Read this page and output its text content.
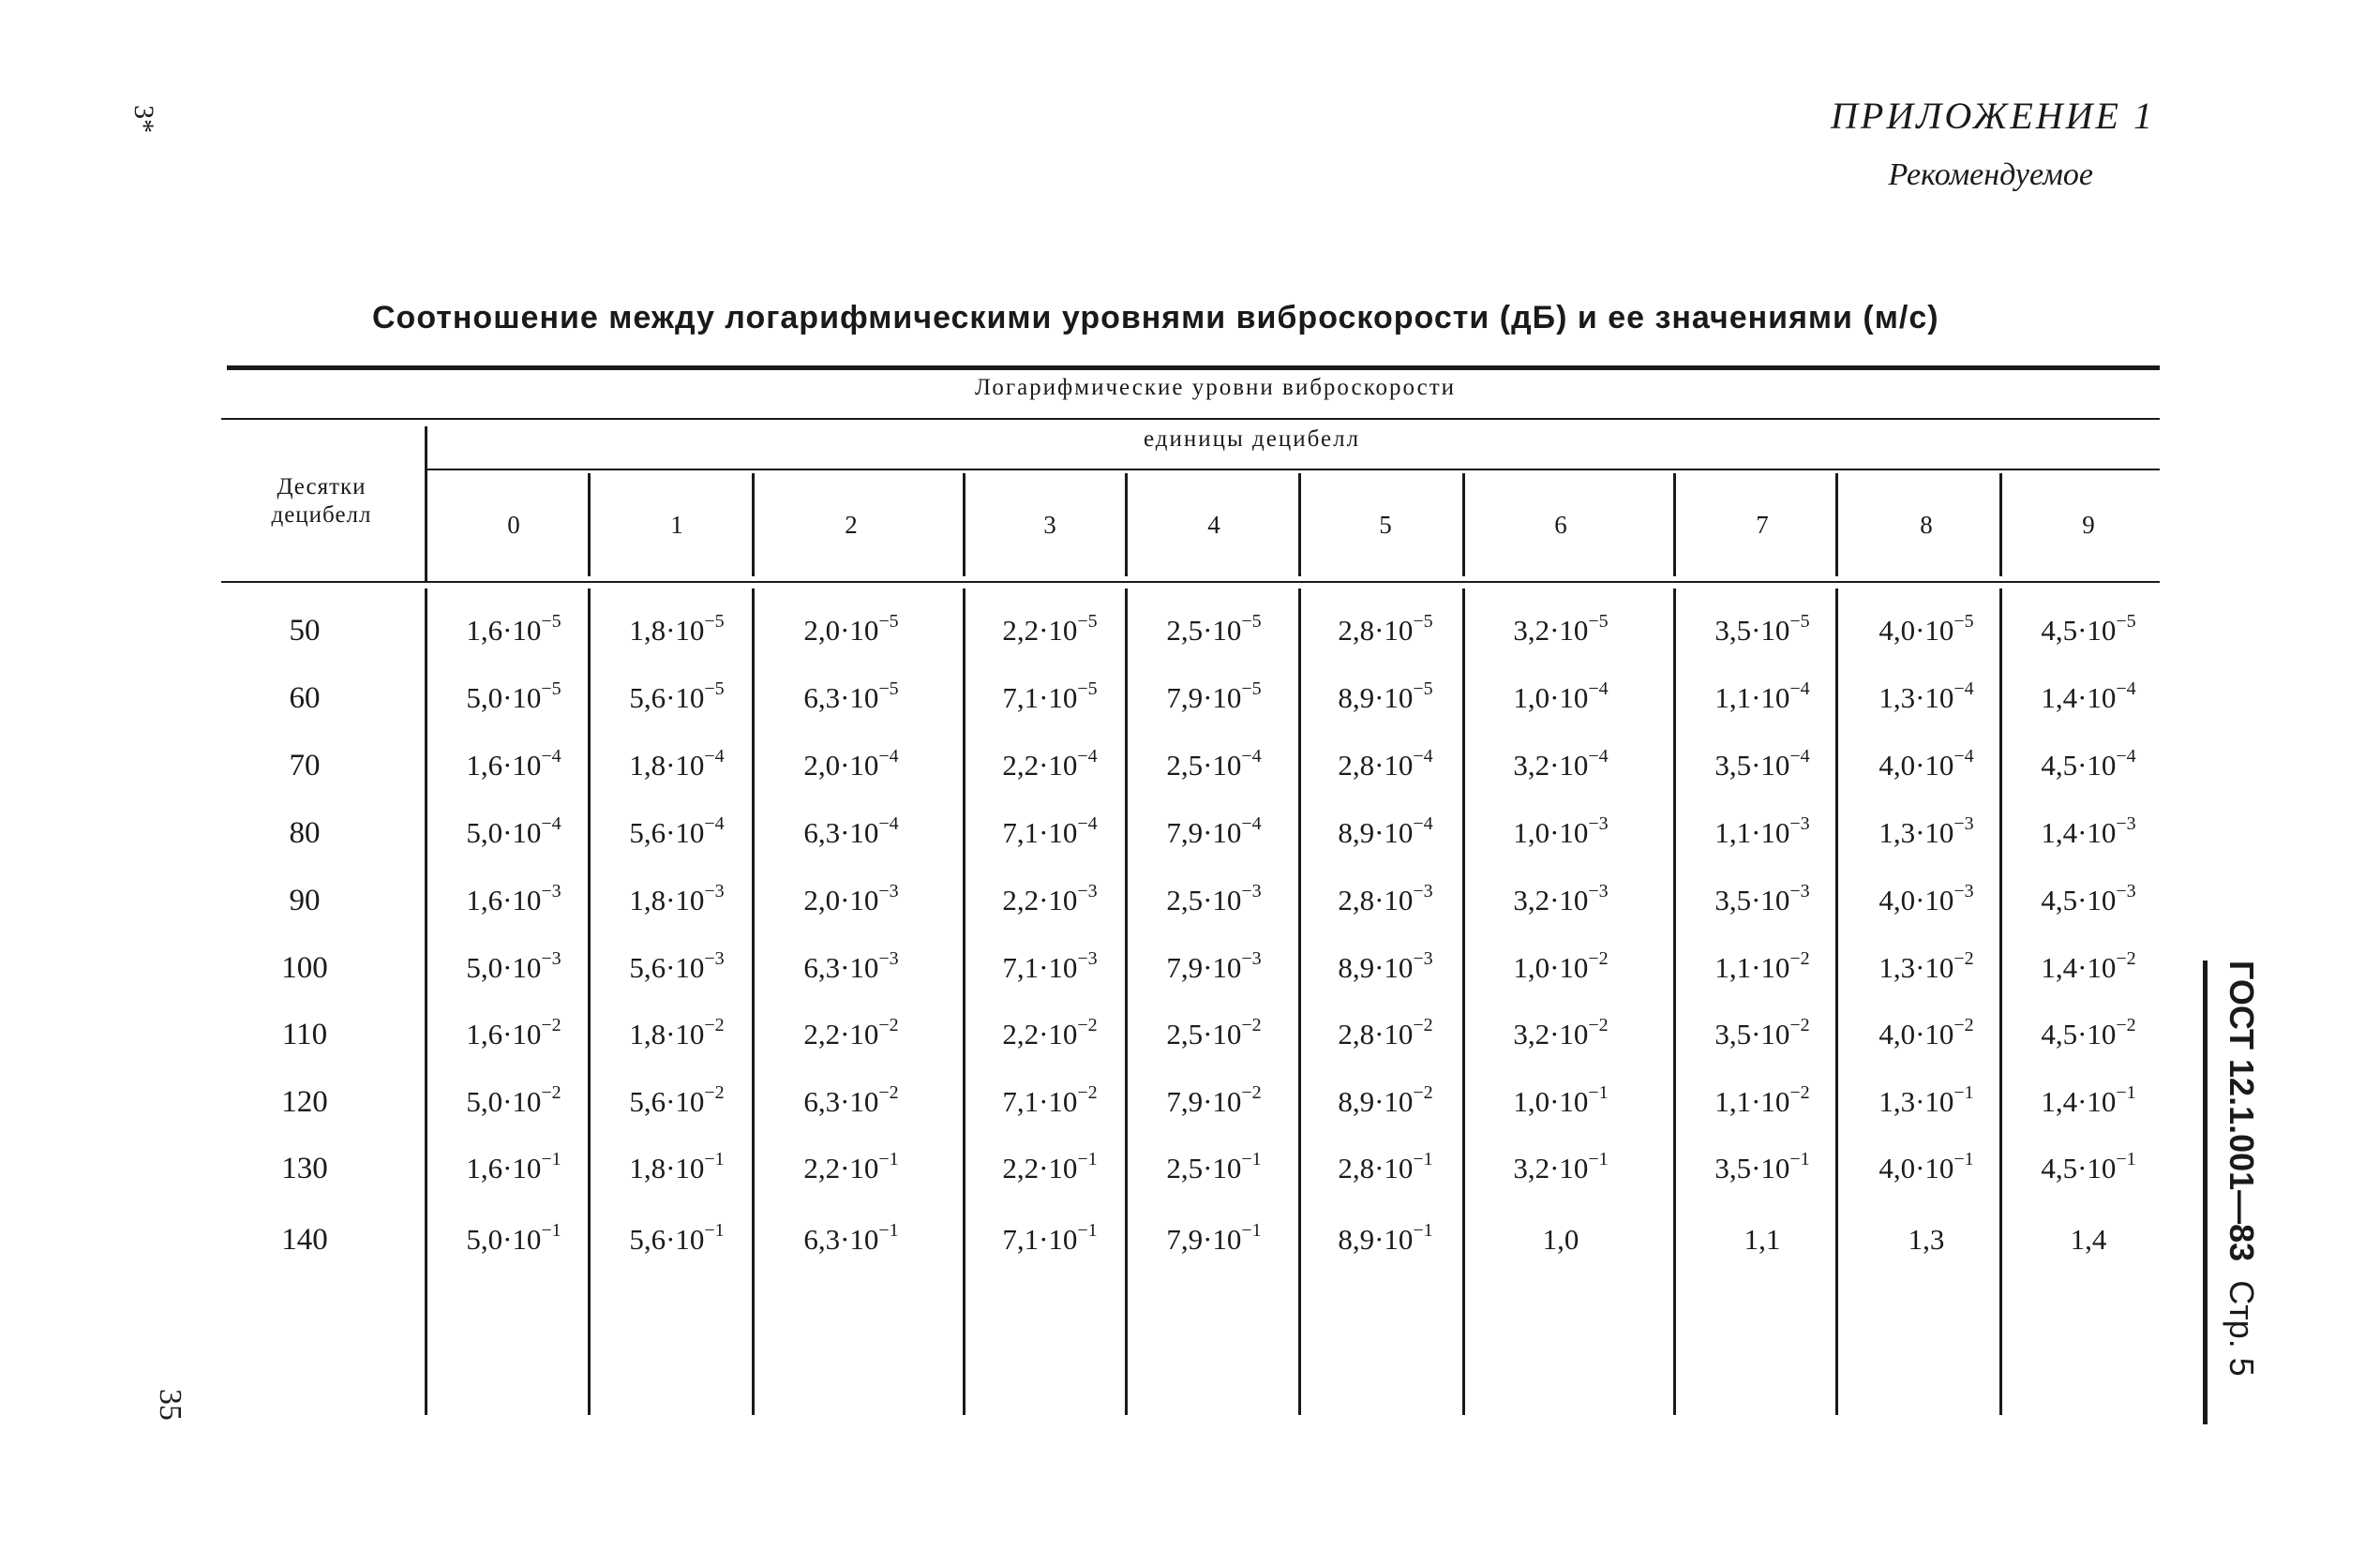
ПРИЛОЖЕНИЕ 1
Рекомендуемое
3*
35
ГОСТ 12.1.001—83  Стр. 5
Соотношение между логарифмическими уровнями виброскорости (дБ) и ее значениями (м/с)
Логарифмические уровни виброскорости
единицы децибелл
Десятки децибелл	0	1	2	3	4	5	6	7	8	9
50	$1,6\cdot 10^{-5}$	$1,8\cdot 10^{-5}$	$2,0\cdot 10^{-5}$	$2,2\cdot 10^{-5}$	$2,5\cdot 10^{-5}$	$2,8\cdot 10^{-5}$	$3,2\cdot 10^{-5}$	$3,5\cdot 10^{-5}$	$4,0\cdot 10^{-5}$	$4,5\cdot 10^{-5}$
60	$5,0\cdot 10^{-5}$	$5,6\cdot 10^{-5}$	$6,3\cdot 10^{-5}$	$7,1\cdot 10^{-5}$	$7,9\cdot 10^{-5}$	$8,9\cdot 10^{-5}$	$1,0\cdot 10^{-4}$	$1,1\cdot 10^{-4}$	$1,3\cdot 10^{-4}$	$1,4\cdot 10^{-4}$
70	$1,6\cdot 10^{-4}$	$1,8\cdot 10^{-4}$	$2,0\cdot 10^{-4}$	$2,2\cdot 10^{-4}$	$2,5\cdot 10^{-4}$	$2,8\cdot 10^{-4}$	$3,2\cdot 10^{-4}$	$3,5\cdot 10^{-4}$	$4,0\cdot 10^{-4}$	$4,5\cdot 10^{-4}$
80	$5,0\cdot 10^{-4}$	$5,6\cdot 10^{-4}$	$6,3\cdot 10^{-4}$	$7,1\cdot 10^{-4}$	$7,9\cdot 10^{-4}$	$8,9\cdot 10^{-4}$	$1,0\cdot 10^{-3}$	$1,1\cdot 10^{-3}$	$1,3\cdot 10^{-3}$	$1,4\cdot 10^{-3}$
90	$1,6\cdot 10^{-3}$	$1,8\cdot 10^{-3}$	$2,0\cdot 10^{-3}$	$2,2\cdot 10^{-3}$	$2,5\cdot 10^{-3}$	$2,8\cdot 10^{-3}$	$3,2\cdot 10^{-3}$	$3,5\cdot 10^{-3}$	$4,0\cdot 10^{-3}$	$4,5\cdot 10^{-3}$
100	$5,0\cdot 10^{-3}$	$5,6\cdot 10^{-3}$	$6,3\cdot 10^{-3}$	$7,1\cdot 10^{-3}$	$7,9\cdot 10^{-3}$	$8,9\cdot 10^{-3}$	$1,0\cdot 10^{-2}$	$1,1\cdot 10^{-2}$	$1,3\cdot 10^{-2}$	$1,4\cdot 10^{-2}$
110	$1,6\cdot 10^{-2}$	$1,8\cdot 10^{-2}$	$2,2\cdot 10^{-2}$	$2,2\cdot 10^{-2}$	$2,5\cdot 10^{-2}$	$2,8\cdot 10^{-2}$	$3,2\cdot 10^{-2}$	$3,5\cdot 10^{-2}$	$4,0\cdot 10^{-2}$	$4,5\cdot 10^{-2}$
120	$5,0\cdot 10^{-2}$	$5,6\cdot 10^{-2}$	$6,3\cdot 10^{-2}$	$7,1\cdot 10^{-2}$	$7,9\cdot 10^{-2}$	$8,9\cdot 10^{-2}$	$1,0\cdot 10^{-1}$	$1,1\cdot 10^{-2}$	$1,3\cdot 10^{-1}$	$1,4\cdot 10^{-1}$
130	$1,6\cdot 10^{-1}$	$1,8\cdot 10^{-1}$	$2,2\cdot 10^{-1}$	$2,2\cdot 10^{-1}$	$2,5\cdot 10^{-1}$	$2,8\cdot 10^{-1}$	$3,2\cdot 10^{-1}$	$3,5\cdot 10^{-1}$	$4,0\cdot 10^{-1}$	$4,5\cdot 10^{-1}$
140	$5,0\cdot 10^{-1}$	$5,6\cdot 10^{-1}$	$6,3\cdot 10^{-1}$	$7,1\cdot 10^{-1}$	$7,9\cdot 10^{-1}$	$8,9\cdot 10^{-1}$	1,0	1,1	1,3	1,4
